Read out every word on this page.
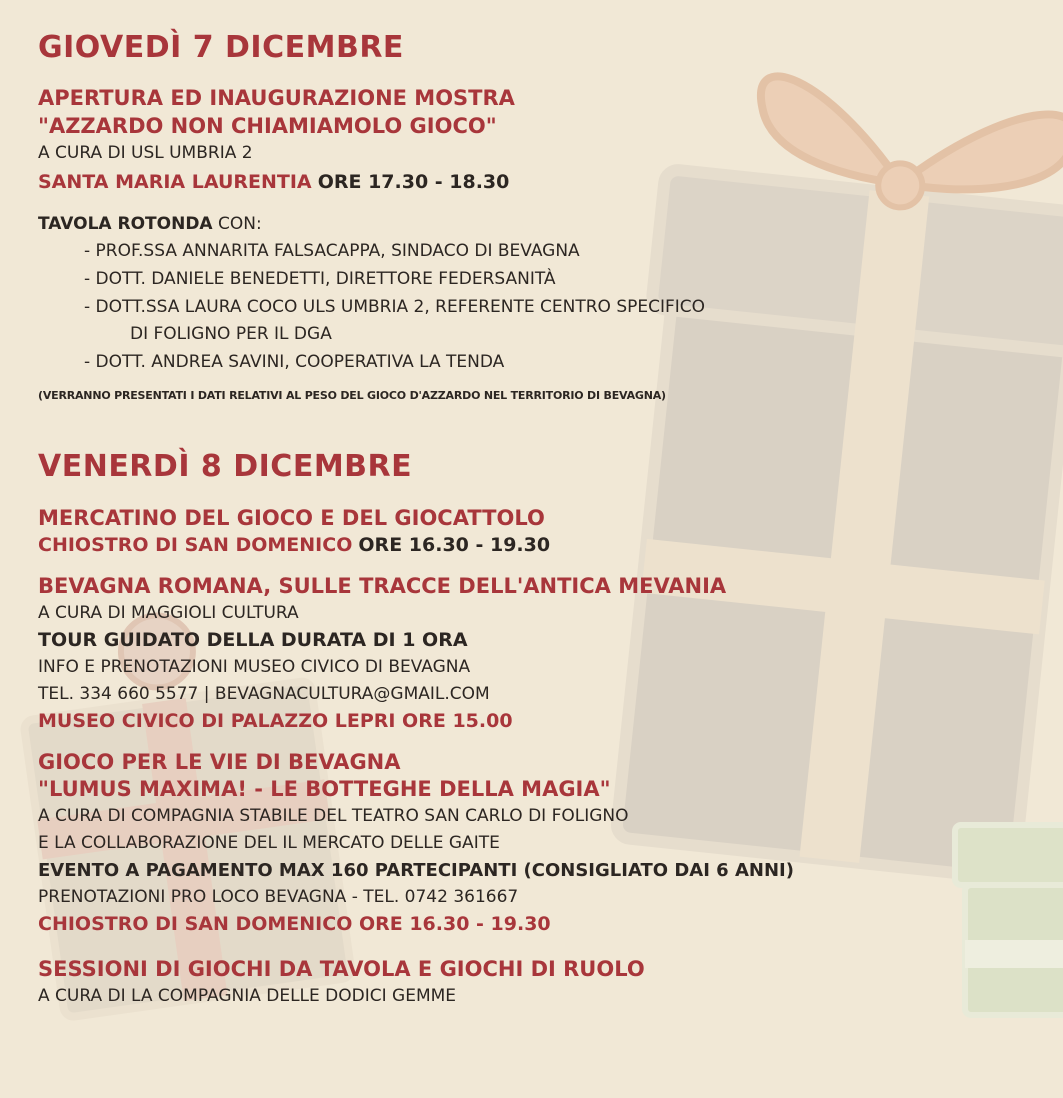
GIOVEDÌ 7 DICEMBRE

APERTURA ED INAUGURAZIONE MOSTRA

"AZZARDO NON CHIAMIAMOLO GIOCO"

A CURA DI USL UMBRIA 2

SANTA MARIA LAURENTIA ORE 17.30 - 18.30

TAVOLA ROTONDA CON:

- PROF.SSA ANNARITA FALSACAPPA, SINDACO DI BEVAGNA

- DOTT. DANIELE BENEDETTI, DIRETTORE FEDERSANITÀ

- DOTT.SSA LAURA COCO ULS UMBRIA 2, REFERENTE CENTRO SPECIFICO

DI FOLIGNO PER IL DGA

- DOTT. ANDREA SAVINI, COOPERATIVA LA TENDA

(VERRANNO PRESENTATI I DATI RELATIVI AL PESO DEL GIOCO D'AZZARDO NEL TERRITORIO DI BEVAGNA)

VENERDÌ 8 DICEMBRE

MERCATINO DEL GIOCO E DEL GIOCATTOLO

CHIOSTRO DI SAN DOMENICO ORE 16.30 - 19.30

BEVAGNA ROMANA, SULLE TRACCE DELL'ANTICA MEVANIA

A CURA DI MAGGIOLI CULTURA

TOUR GUIDATO DELLA DURATA DI 1 ORA

INFO E PRENOTAZIONI MUSEO CIVICO DI BEVAGNA

TEL. 334 660 5577 | BEVAGNACULTURA@GMAIL.COM

MUSEO CIVICO DI PALAZZO LEPRI ORE 15.00

GIOCO PER LE VIE DI BEVAGNA

"LUMUS MAXIMA! - LE BOTTEGHE DELLA MAGIA"

A CURA DI COMPAGNIA STABILE DEL TEATRO SAN CARLO DI FOLIGNO

E LA COLLABORAZIONE DEL IL MERCATO DELLE GAITE

EVENTO A PAGAMENTO MAX 160 PARTECIPANTI (CONSIGLIATO DAI 6 ANNI)

PRENOTAZIONI PRO LOCO BEVAGNA - TEL. 0742 361667

CHIOSTRO DI SAN DOMENICO ORE 16.30 - 19.30

SESSIONI DI GIOCHI DA TAVOLA E GIOCHI DI RUOLO

A CURA DI LA COMPAGNIA DELLE DODICI GEMME
